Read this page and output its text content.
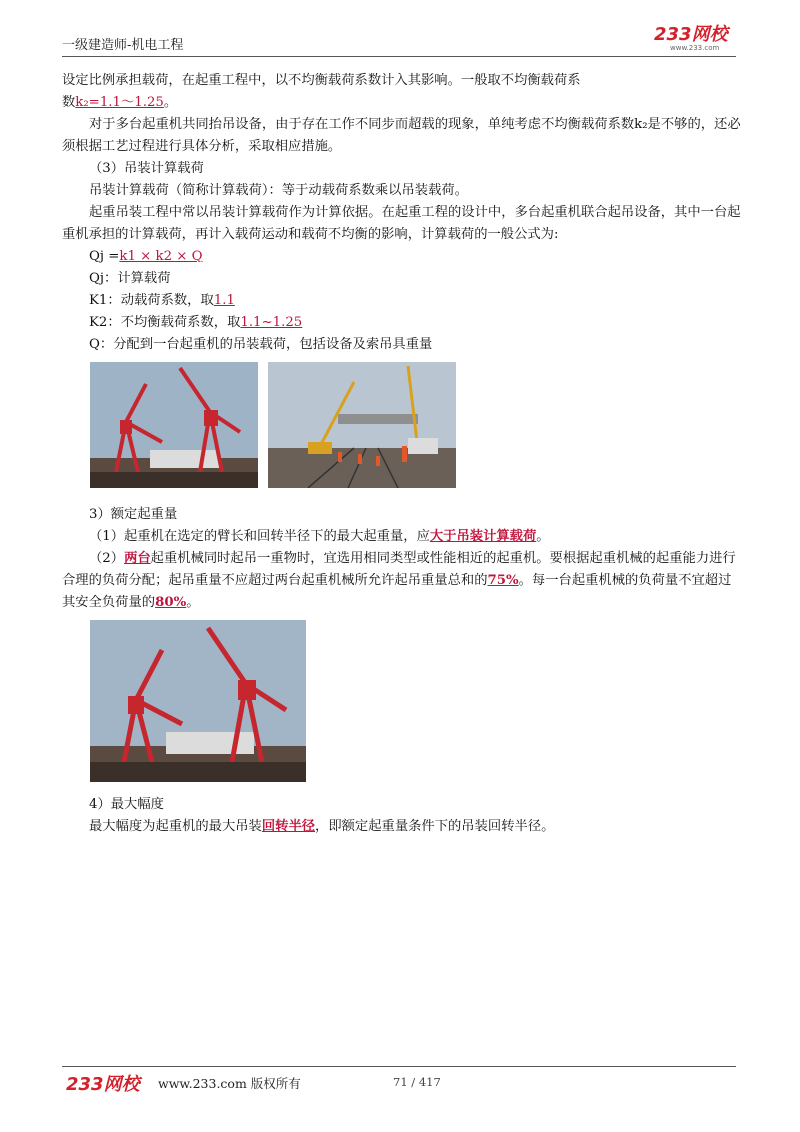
一级建造师-机电工程
233网校
www.233.com

设定比例承担载荷，在起重工程中，以不均衡载荷系数计入其影响。一般取不均衡载荷系

数k₂=1.1～1.25。

对于多台起重机共同抬吊设备，由于存在工作不同步而超载的现象，单纯考虑不均衡载荷系数k₂是不够的，还必须根据工艺过程进行具体分析，采取相应措施。

（3）吊装计算载荷

吊装计算载荷（简称计算载荷）：等于动载荷系数乘以吊装载荷。

起重吊装工程中常以吊装计算载荷作为计算依据。在起重工程的设计中，多台起重机联合起吊设备，其中一台起重机承担的计算载荷，再计入载荷运动和载荷不均衡的影响，计算载荷的一般公式为:

Qj =k1 × k2 × Q

Qj：计算载荷

K1：动载荷系数，取1.1

K2：不均衡载荷系数，取1.1~1.25

Q：分配到一台起重机的吊装载荷，包括设备及索吊具重量

3）额定起重量

（1）起重机在选定的臂长和回转半径下的最大起重量，应大于吊装计算载荷。

（2）两台起重机械同时起吊一重物时，宜选用相同类型或性能相近的起重机。要根据起重机械的起重能力进行合理的负荷分配；起吊重量不应超过两台起重机械所允许起吊重量总和的75%。每一台起重机械的负荷量不宜超过其安全负荷量的80%。

4）最大幅度

最大幅度为起重机的最大吊装回转半径，即额定起重量条件下的吊装回转半径。

233网校 www.233.com 版权所有	71 / 417
